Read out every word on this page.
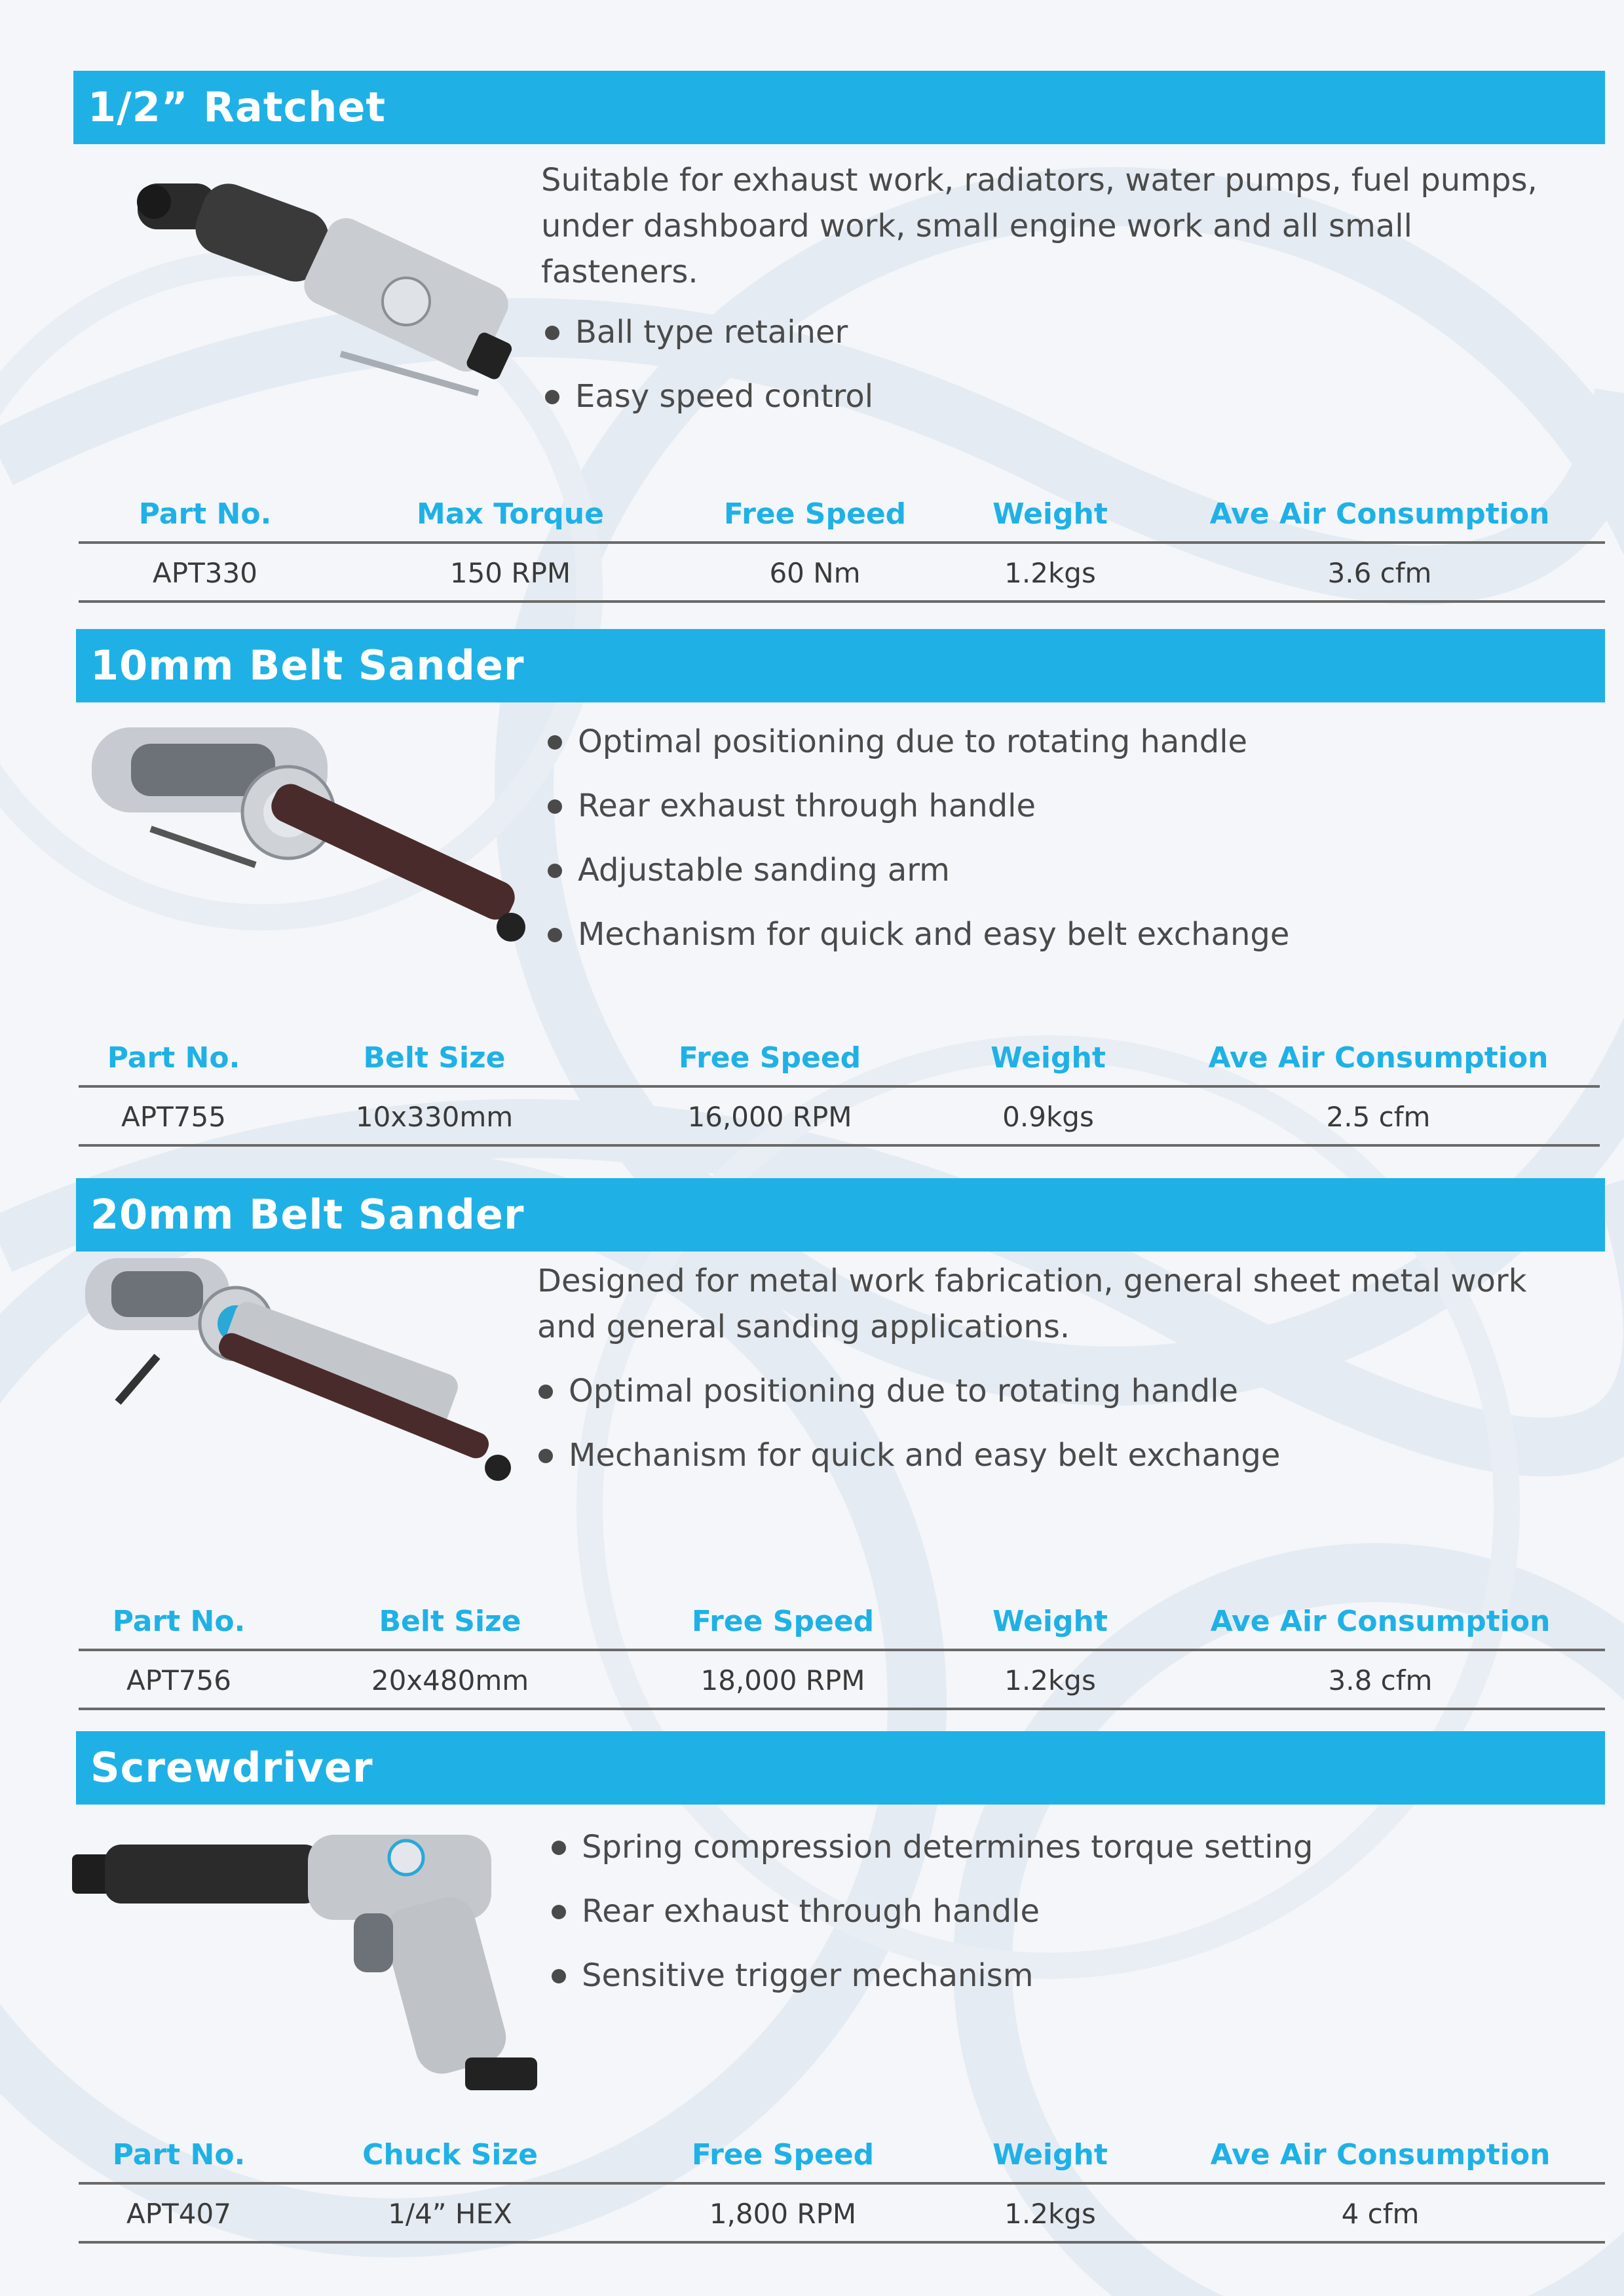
1/2” Ratchet

Suitable for exhaust work, radiators, water pumps, fuel pumps,
under dashboard work, small engine work and all small
fasteners.

Ball type retainer
Easy speed control
Part No.	Max Torque	Free Speed	Weight	Ave Air Consumption
APT330	150 RPM	60 Nm	1.2kgs	3.6 cfm
10mm Belt Sander
Optimal positioning due to rotating handle
Rear exhaust through handle
Adjustable sanding arm
Mechanism for quick and easy belt exchange
Part No.	Belt Size	Free Speed	Weight	Ave Air Consumption
APT755	10x330mm	16,000 RPM	0.9kgs	2.5 cfm
20mm Belt Sander

Designed for metal work fabrication, general sheet metal work
and general sanding applications.

Optimal positioning due to rotating handle
Mechanism for quick and easy belt exchange
Part No.	Belt Size	Free Speed	Weight	Ave Air Consumption
APT756	20x480mm	18,000 RPM	1.2kgs	3.8 cfm
Screwdriver
Spring compression determines torque setting
Rear exhaust through handle
Sensitive trigger mechanism
Part No.	Chuck Size	Free Speed	Weight	Ave Air Consumption
APT407	1/4” HEX	1,800 RPM	1.2kgs	4 cfm
